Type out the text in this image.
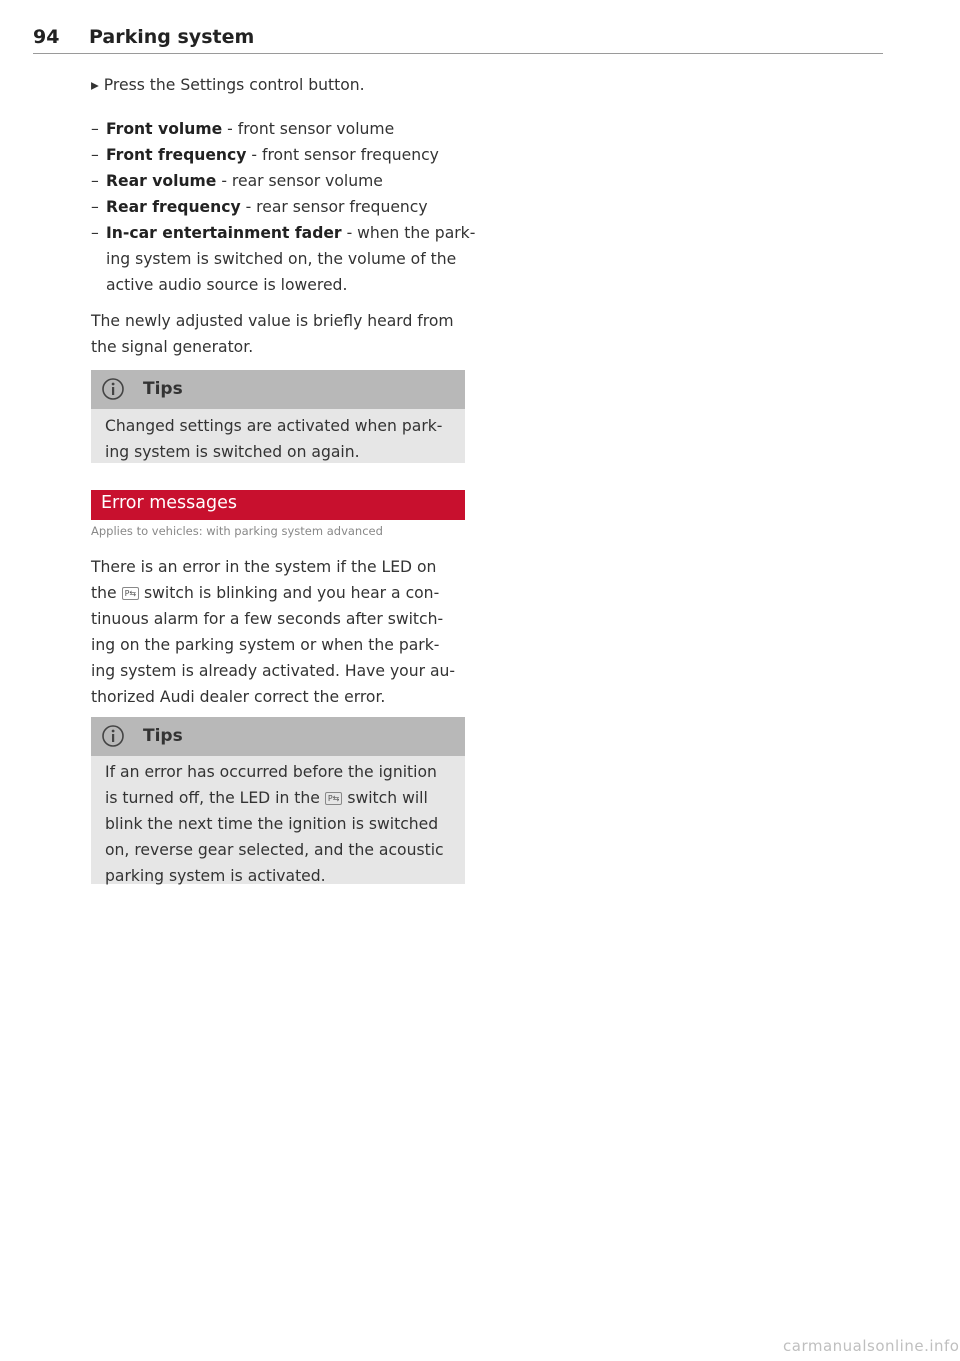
94 Parking system
▸ Press the Settings control button.
– Front volume - front sensor volume
– Front frequency - front sensor frequency
– Rear volume - rear sensor volume
– Rear frequency - rear sensor frequency
– In-car entertainment fader - when the park-
ing system is switched on, the volume of the
active audio source is lowered.
The newly adjusted value is briefly heard from
the signal generator.
Tips
Changed settings are activated when park-
ing system is switched on again.
Error messages
Applies to vehicles: with parking system advanced
There is an error in the system if the LED on
the P⇆ switch is blinking and you hear a con-
tinuous alarm for a few seconds after switch-
ing on the parking system or when the park-
ing system is already activated. Have your au-
thorized Audi dealer correct the error.
Tips
If an error has occurred before the ignition
is turned off, the LED in the P⇆ switch will
blink the next time the ignition is switched
on, reverse gear selected, and the acoustic
parking system is activated.
carmanualsonline.info
